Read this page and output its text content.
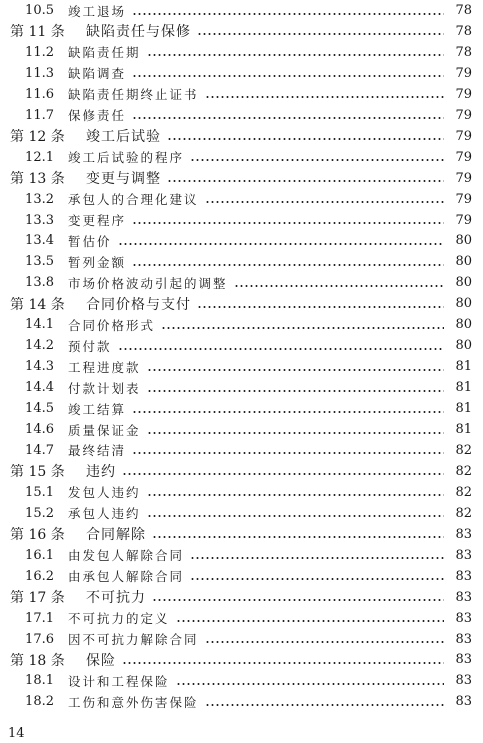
10.5	竣工退场	78
第 11 条	缺陷责任与保修	78
11.2	缺陷责任期	78
11.3	缺陷调查	79
11.6	缺陷责任期终止证书	79
11.7	保修责任	79
第 12 条	竣工后试验	79
12.1	竣工后试验的程序	79
第 13 条	变更与调整	79
13.2	承包人的合理化建议	79
13.3	变更程序	79
13.4	暂估价	80
13.5	暂列金额	80
13.8	市场价格波动引起的调整	80
第 14 条	合同价格与支付	80
14.1	合同价格形式	80
14.2	预付款	80
14.3	工程进度款	81
14.4	付款计划表	81
14.5	竣工结算	81
14.6	质量保证金	81
14.7	最终结清	82
第 15 条	违约	82
15.1	发包人违约	82
15.2	承包人违约	82
第 16 条	合同解除	83
16.1	由发包人解除合同	83
16.2	由承包人解除合同	83
第 17 条	不可抗力	83
17.1	不可抗力的定义	83
17.6	因不可抗力解除合同	83
第 18 条	保险	83
18.1	设计和工程保险	83
18.2	工伤和意外伤害保险	83
14
